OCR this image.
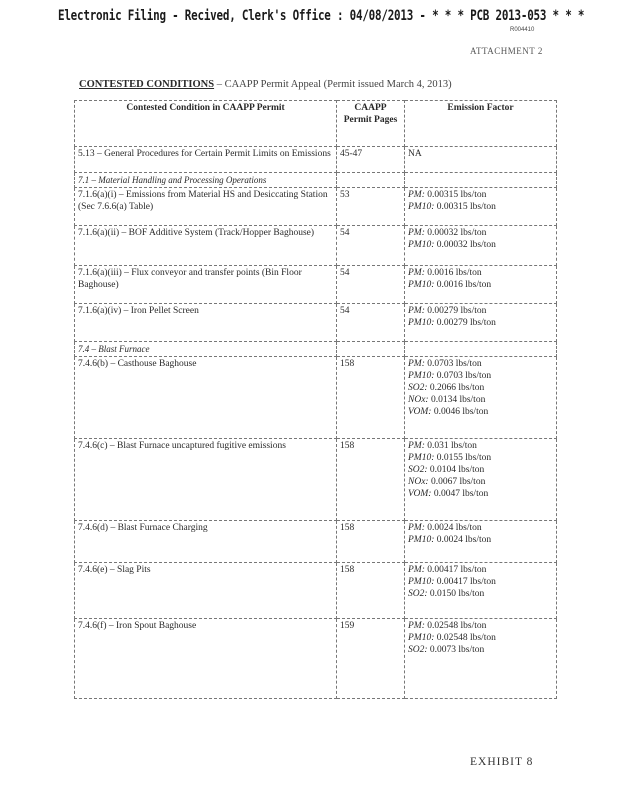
Electronic Filing - Recived, Clerk's Office : 04/08/2013 - * * * PCB 2013-053 * * *
R004410
ATTACHMENT 2
CONTESTED CONDITIONS – CAAPP Permit Appeal (Permit issued March 4, 2013)
Contested Condition in CAAPP Permit	CAAPP Permit Pages	Emission Factor
5.13 – General Procedures for Certain Permit Limits on Emissions	45-47	NA

7.1 – Material Handling and Processing Operations		
7.1.6(a)(i) – Emissions from Material HS and Desiccating Station (Sec 7.6.6(a) Table)	53	PM: 0.00315 lbs/ton
PM10: 0.00315 lbs/ton

7.1.6(a)(ii) – BOF Additive System (Track/Hopper Baghouse)	54	PM: 0.00032 lbs/ton
PM10: 0.00032 lbs/ton

7.1.6(a)(iii) – Flux conveyor and transfer points (Bin Floor Baghouse)	54	PM: 0.0016 lbs/ton
PM10: 0.0016 lbs/ton

7.1.6(a)(iv) – Iron Pellet Screen	54	PM: 0.00279 lbs/ton
PM10: 0.00279 lbs/ton

7.4 – Blast Furnace		
7.4.6(b) – Casthouse Baghouse	158	PM: 0.0703 lbs/ton
PM10: 0.0703 lbs/ton
SO2: 0.2066 lbs/ton
NOx: 0.0134 lbs/ton
VOM: 0.0046 lbs/ton

7.4.6(c) – Blast Furnace uncaptured fugitive emissions	158	PM: 0.031 lbs/ton
PM10: 0.0155 lbs/ton
SO2: 0.0104 lbs/ton
NOx: 0.0067 lbs/ton
VOM: 0.0047 lbs/ton

7.4.6(d) – Blast Furnace Charging	158	PM: 0.0024 lbs/ton
PM10: 0.0024 lbs/ton

7.4.6(e) – Slag Pits	158	PM: 0.00417 lbs/ton
PM10: 0.00417 lbs/ton
SO2: 0.0150 lbs/ton

7.4.6(f) – Iron Spout Baghouse	159	PM: 0.02548 lbs/ton
PM10: 0.02548 lbs/ton
SO2: 0.0073 lbs/ton
EXHIBIT 8
